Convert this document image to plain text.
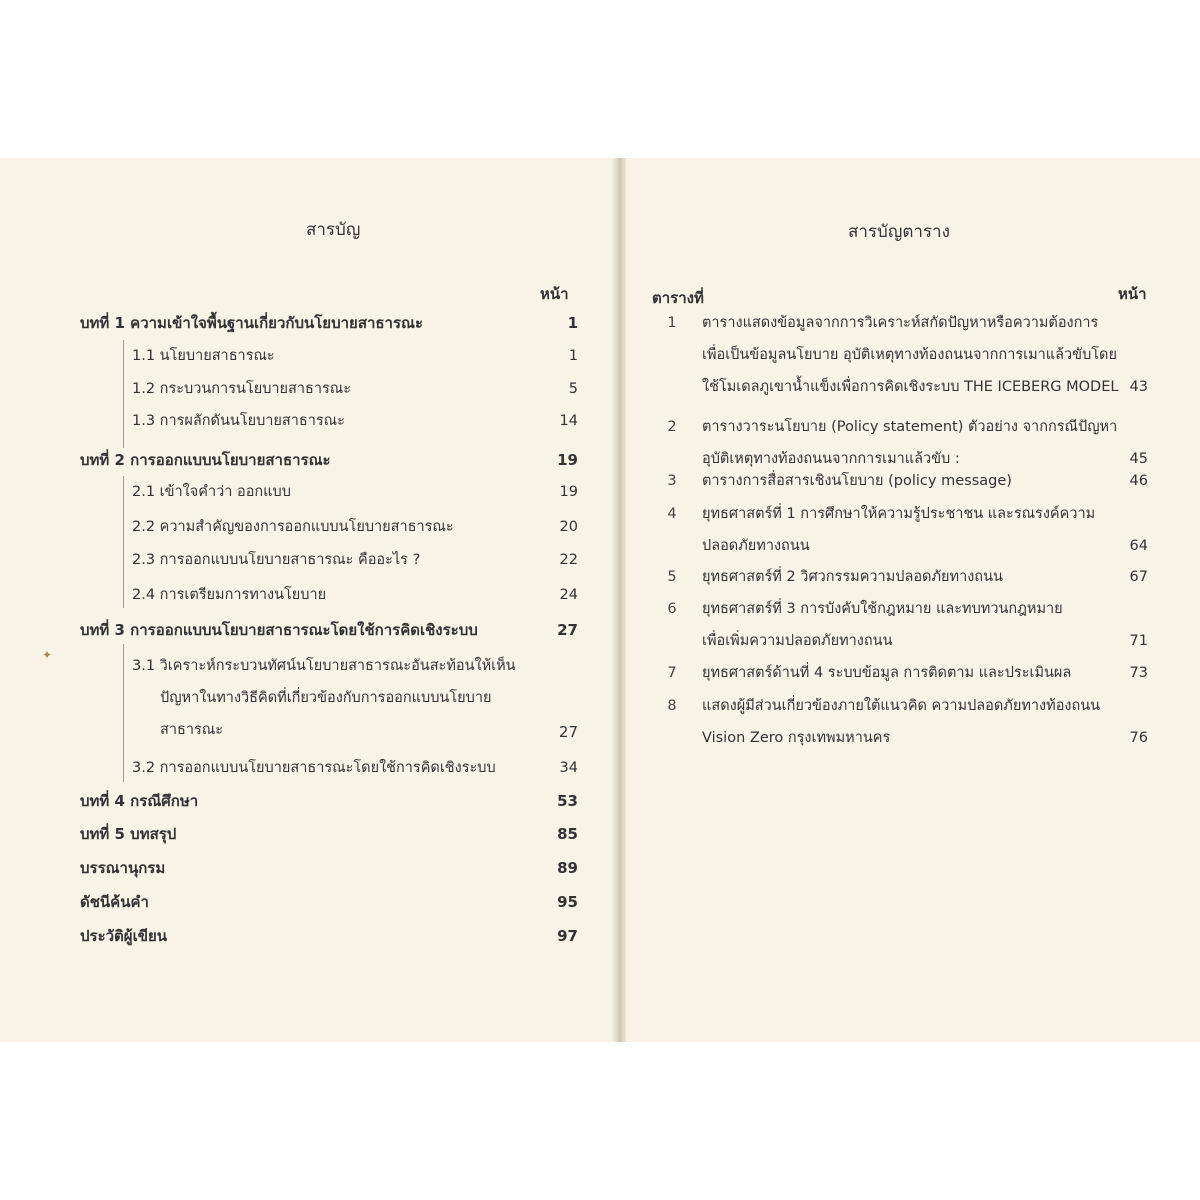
สารบัญ
หน้า
บทที่ 1 ความเข้าใจพื้นฐานเกี่ยวกับนโยบายสาธารณะ	1
1.1 นโยบายสาธารณะ	1
1.2 กระบวนการนโยบายสาธารณะ	5
1.3 การผลักดันนโยบายสาธารณะ	14
บทที่ 2 การออกแบบนโยบายสาธารณะ	19
2.1 เข้าใจคำว่า ออกแบบ	19
2.2 ความสำคัญของการออกแบบนโยบายสาธารณะ	20
2.3 การออกแบบนโยบายสาธารณะ คืออะไร ?	22
2.4 การเตรียมการทางนโยบาย	24
บทที่ 3 การออกแบบนโยบายสาธารณะโดยใช้การคิดเชิงระบบ	27
3.1 วิเคราะห์กระบวนทัศน์นโยบายสาธารณะอันสะท้อนให้เห็น
ปัญหาในทางวิธีคิดที่เกี่ยวข้องกับการออกแบบนโยบาย
สาธารณะ	27
3.2 การออกแบบนโยบายสาธารณะโดยใช้การคิดเชิงระบบ	34
บทที่ 4 กรณีศึกษา	53
บทที่ 5 บทสรุป	85
บรรณานุกรม	89
ดัชนีค้นคำ	95
ประวัติผู้เขียน	97
✦
สารบัญตาราง
ตารางที่	หน้า
1	ตารางแสดงข้อมูลจากการวิเคราะห์สกัดปัญหาหรือความต้องการ
เพื่อเป็นข้อมูลนโยบาย อุบัติเหตุทางท้องถนนจากการเมาแล้วขับโดย
ใช้โมเดลภูเขาน้ำแข็งเพื่อการคิดเชิงระบบ THE ICEBERG MODEL 43
2	ตารางวาระนโยบาย (Policy statement) ตัวอย่าง จากกรณีปัญหา
อุบัติเหตุทางท้องถนนจากการเมาแล้วขับ :	45
3	ตารางการสื่อสารเชิงนโยบาย (policy message)	46
4	ยุทธศาสตร์ที่ 1 การศึกษาให้ความรู้ประชาชน และรณรงค์ความ
ปลอดภัยทางถนน	64
5	ยุทธศาสตร์ที่ 2 วิศวกรรมความปลอดภัยทางถนน	67
6	ยุทธศาสตร์ที่ 3 การบังคับใช้กฎหมาย และทบทวนกฎหมาย
เพื่อเพิ่มความปลอดภัยทางถนน	71
7	ยุทธศาสตร์ด้านที่ 4 ระบบข้อมูล การติดตาม และประเมินผล	73
8	แสดงผู้มีส่วนเกี่ยวข้องภายใต้แนวคิด ความปลอดภัยทางท้องถนน
Vision Zero กรุงเทพมหานคร	76
